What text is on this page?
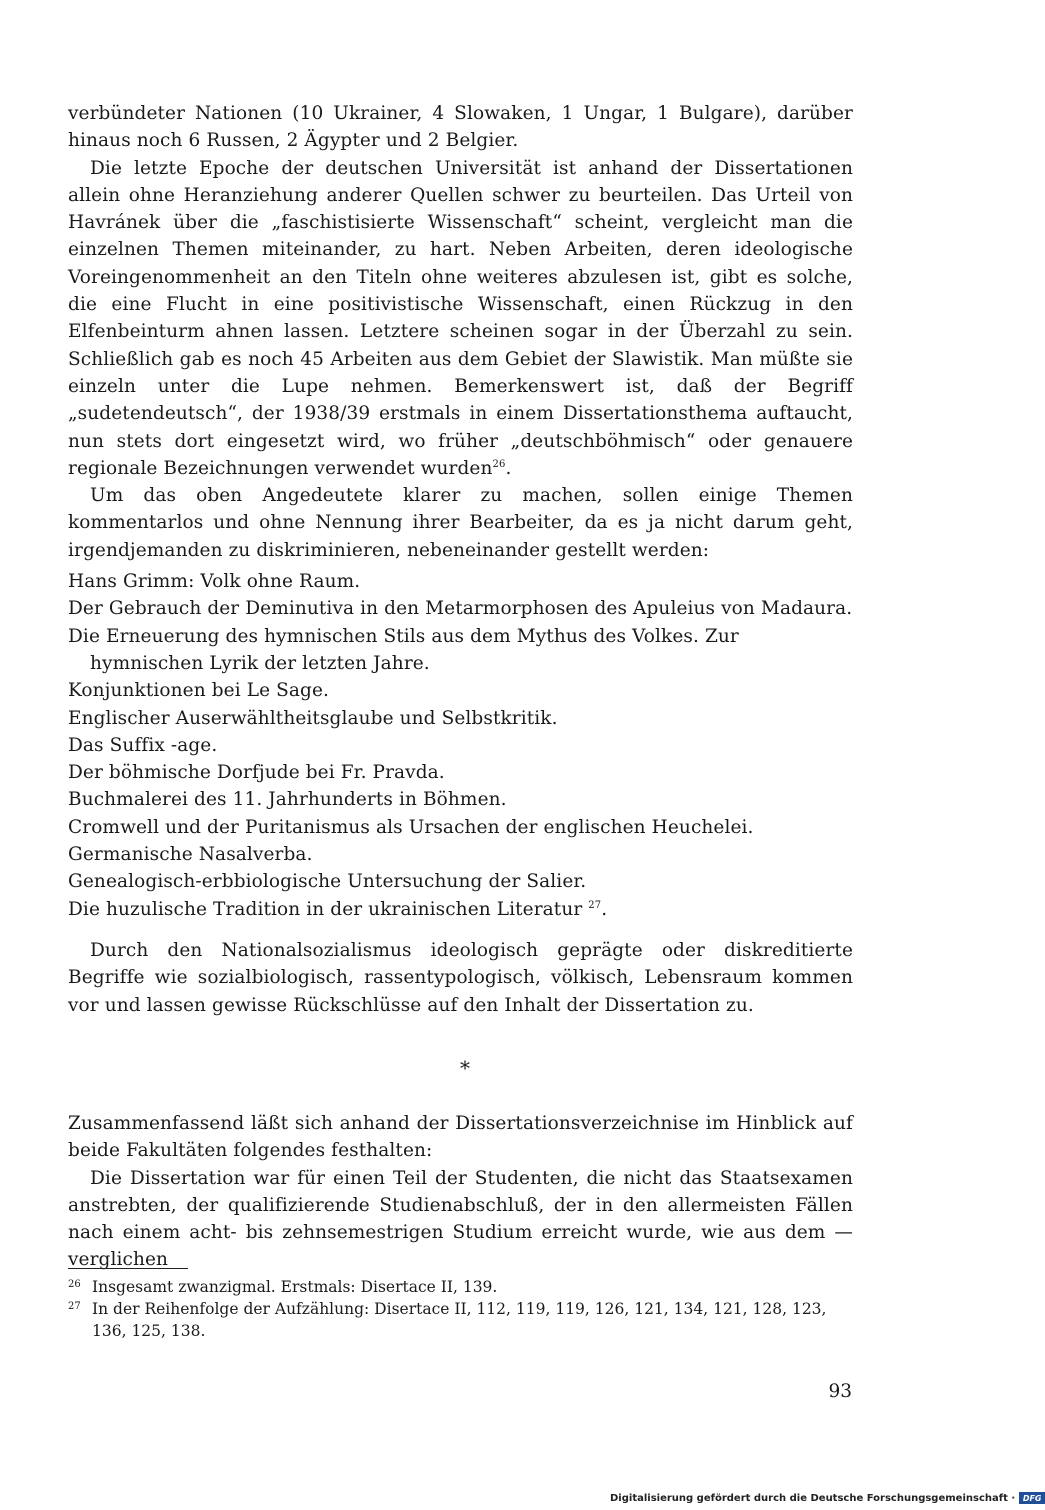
verbündeter Nationen (10 Ukrainer, 4 Slowaken, 1 Ungar, 1 Bulgare), darüber hinaus noch 6 Russen, 2 Ägypter und 2 Belgier.

Die letzte Epoche der deutschen Universität ist anhand der Dissertationen allein ohne Heranziehung anderer Quellen schwer zu beurteilen. Das Urteil von Havránek über die „faschistisierte Wissenschaft“ scheint, vergleicht man die einzelnen Themen miteinander, zu hart. Neben Arbeiten, deren ideologische Voreingenommenheit an den Titeln ohne weiteres abzulesen ist, gibt es solche, die eine Flucht in eine positivistische Wissenschaft, einen Rückzug in den Elfenbeinturm ahnen lassen. Letztere scheinen sogar in der Überzahl zu sein. Schließlich gab es noch 45 Arbeiten aus dem Gebiet der Slawistik. Man müßte sie einzeln unter die Lupe nehmen. Bemerkenswert ist, daß der Begriff „sudetendeutsch“, der 1938/39 erstmals in einem Dissertationsthema auftaucht, nun stets dort eingesetzt wird, wo früher „deutschböhmisch“ oder genauere regionale Bezeichnungen verwendet wurden$^{26}$.

Um das oben Angedeutete klarer zu machen, sollen einige Themen kommentarlos und ohne Nennung ihrer Bearbeiter, da es ja nicht darum geht, irgendjemanden zu diskriminieren, nebeneinander gestellt werden:

Hans Grimm: Volk ohne Raum.
Der Gebrauch der Deminutiva in den Metarmorphosen des Apuleius von Madaura.
Die Erneuerung des hymnischen Stils aus dem Mythus des Volkes. Zur hymnischen Lyrik der letzten Jahre.
Konjunktionen bei Le Sage.
Englischer Auserwähltheitsglaube und Selbstkritik.
Das Suffix -age.
Der böhmische Dorfjude bei Fr. Pravda.
Buchmalerei des 11. Jahrhunderts in Böhmen.
Cromwell und der Puritanismus als Ursachen der englischen Heuchelei.
Germanische Nasalverba.
Genealogisch-erbbiologische Untersuchung der Salier.
Die huzulische Tradition in der ukrainischen Literatur $^{27}$.

Durch den Nationalsozialismus ideologisch geprägte oder diskreditierte Begriffe wie sozialbiologisch, rassentypologisch, völkisch, Lebensraum kommen vor und lassen gewisse Rückschlüsse auf den Inhalt der Dissertation zu.

*

Zusammenfassend läßt sich anhand der Dissertationsverzeichnise im Hinblick auf beide Fakultäten folgendes festhalten:

Die Dissertation war für einen Teil der Studenten, die nicht das Staatsexamen anstrebten, der qualifizierende Studienabschluß, der in den allermeisten Fällen nach einem acht- bis zehnsemestrigen Studium erreicht wurde, wie aus dem — verglichen

26 Insgesamt zwanzigmal. Erstmals: Disertace II, 139.
27 In der Reihenfolge der Aufzählung: Disertace II, 112, 119, 119, 126, 121, 134, 121, 128, 123, 136, 125, 138.
93
Digitalisierung gefördert durch die Deutsche Forschungsgemeinschaft · DFG
